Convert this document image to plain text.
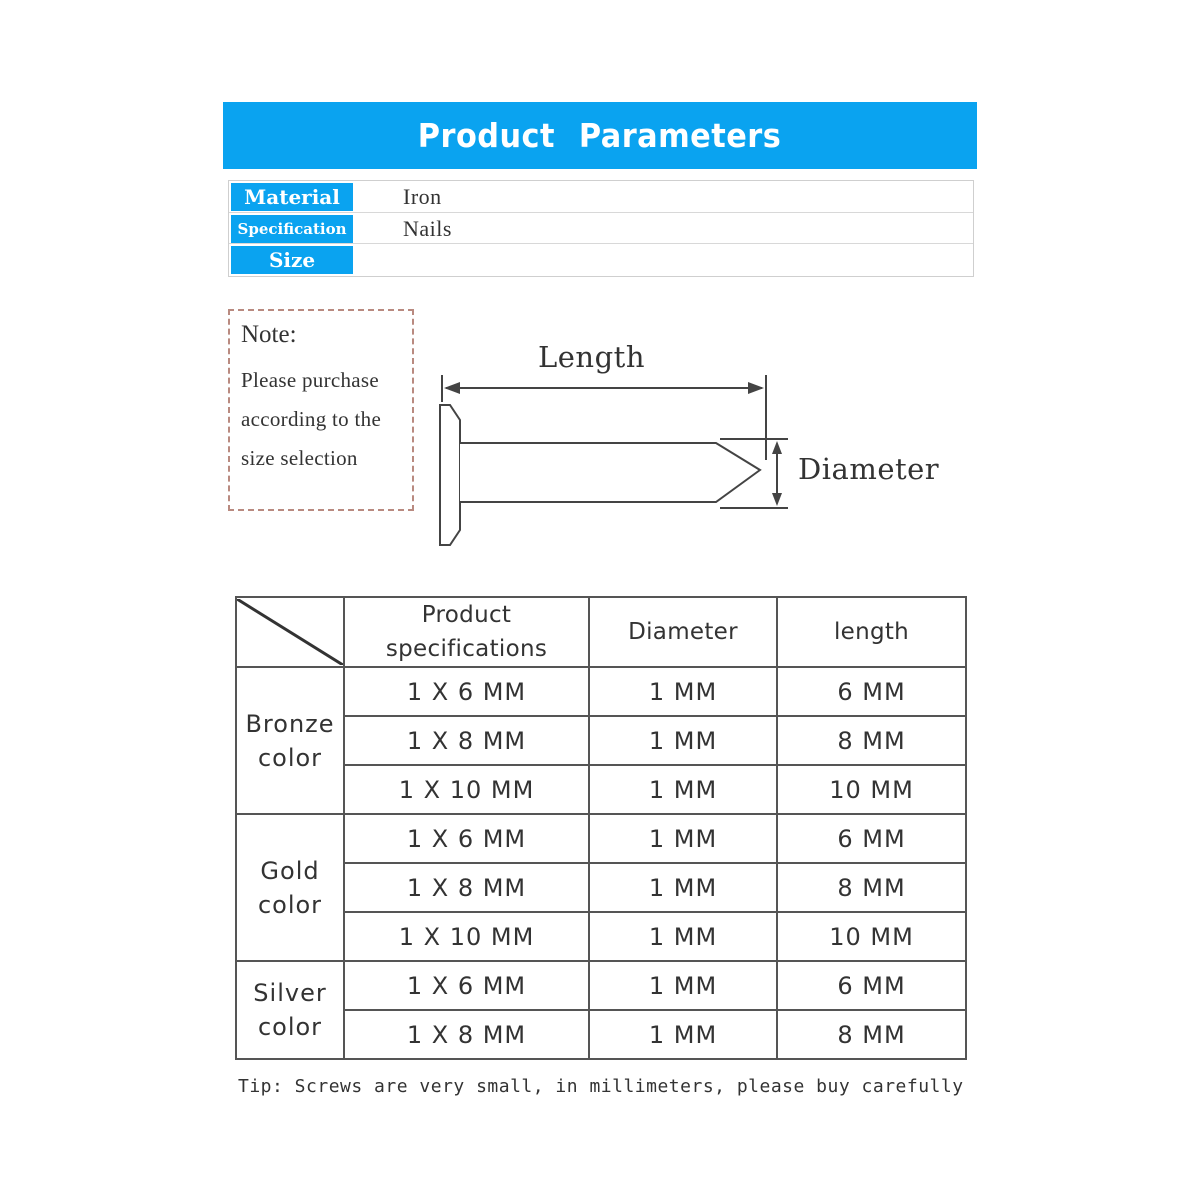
Product Parameters
Material	Iron
Specification	Nails
Size
Note:
Please purchase
according to the
size selection
Length
Diameter

Product
specifications	Diameter	length

Bronze
color	1 X 6 MM	1 MM	6 MM
	1 X 8 MM	1 MM	8 MM
	1 X 10 MM	1 MM	10 MM

Gold
color	1 X 6 MM	1 MM	6 MM
	1 X 8 MM	1 MM	8 MM
	1 X 10 MM	1 MM	10 MM

Silver
color	1 X 6 MM	1 MM	6 MM
	1 X 8 MM	1 MM	8 MM
Tip: Screws are very small, in millimeters, please buy carefully
